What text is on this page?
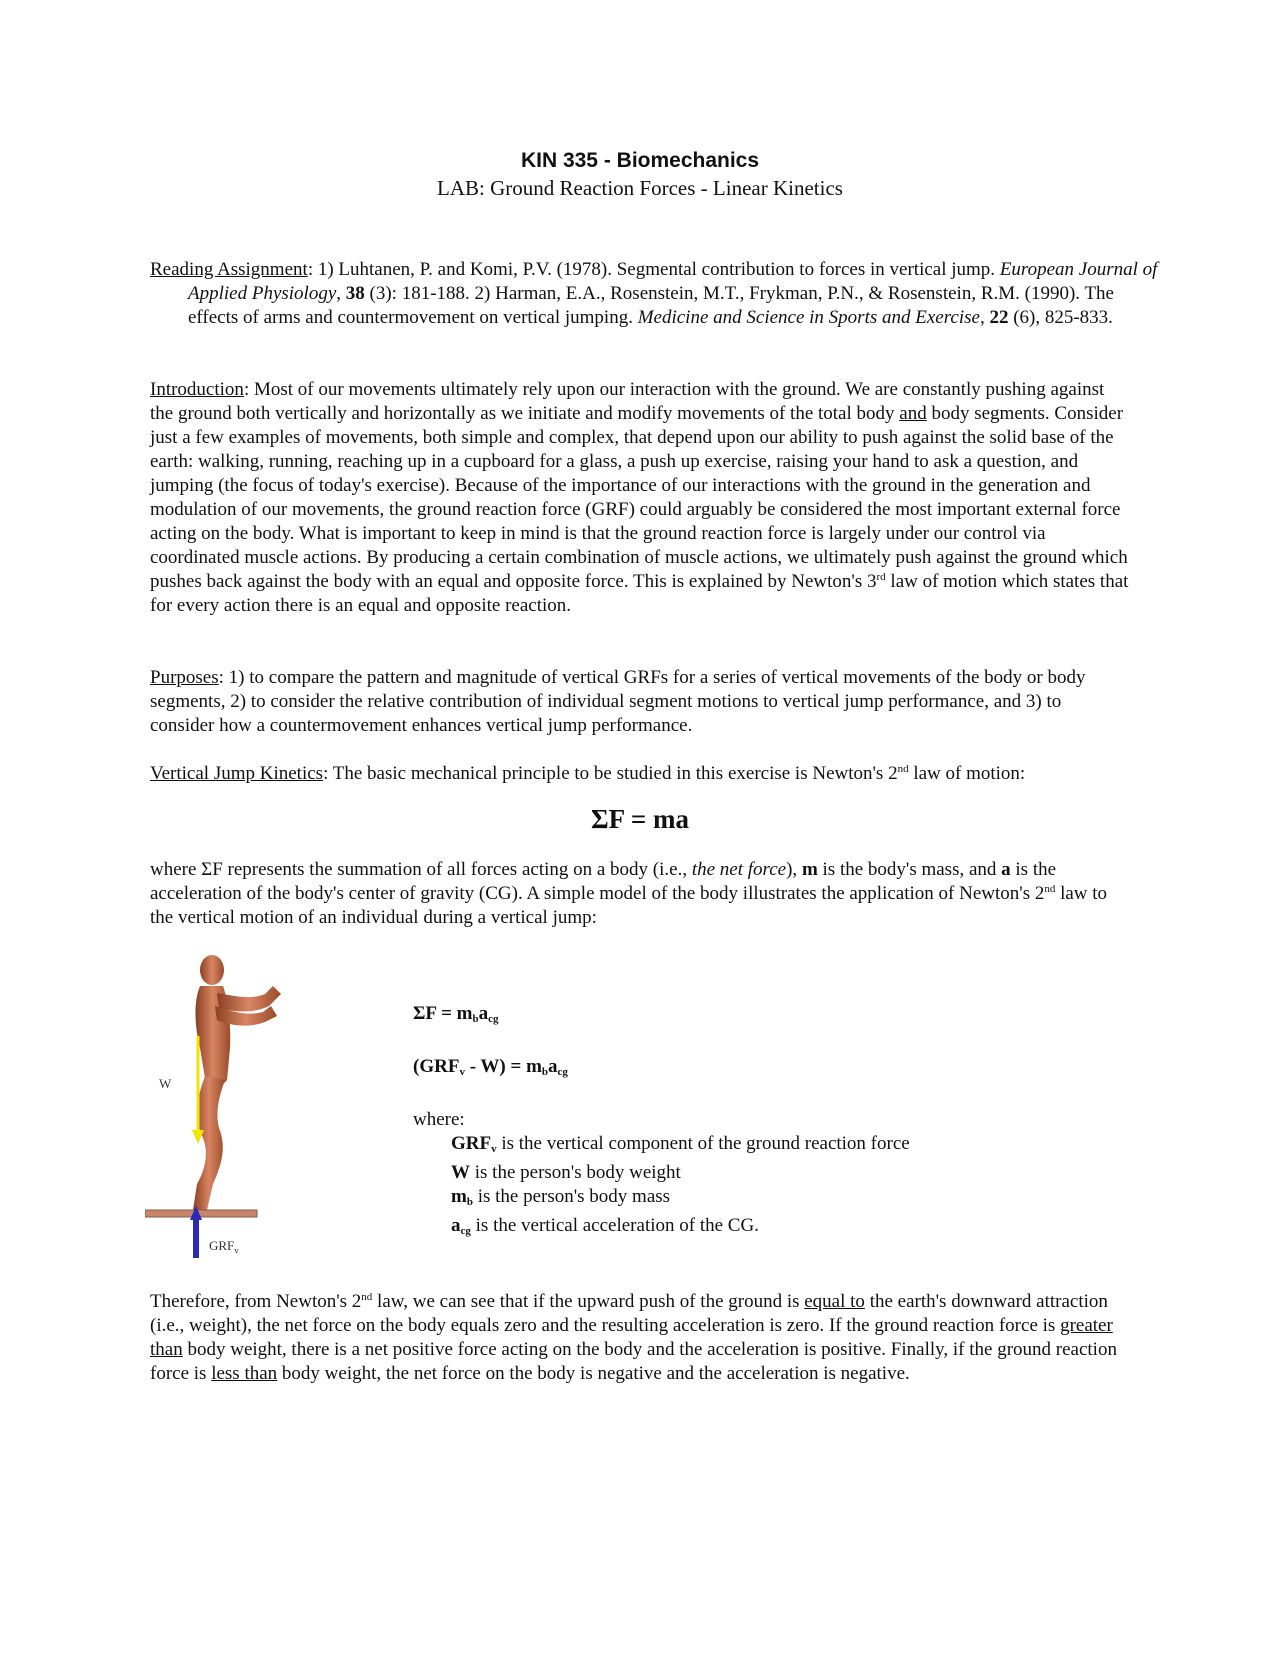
KIN 335 - Biomechanics
LAB: Ground Reaction Forces - Linear Kinetics
Reading Assignment: 1) Luhtanen, P. and Komi, P.V. (1978). Segmental contribution to forces in vertical jump. European Journal of Applied Physiology, 38 (3): 181-188. 2) Harman, E.A., Rosenstein, M.T., Frykman, P.N., & Rosenstein, R.M. (1990). The effects of arms and countermovement on vertical jumping. Medicine and Science in Sports and Exercise, 22 (6), 825-833.
Introduction: Most of our movements ultimately rely upon our interaction with the ground. We are constantly pushing against the ground both vertically and horizontally as we initiate and modify movements of the total body and body segments. Consider just a few examples of movements, both simple and complex, that depend upon our ability to push against the solid base of the earth: walking, running, reaching up in a cupboard for a glass, a push up exercise, raising your hand to ask a question, and jumping (the focus of today's exercise). Because of the importance of our interactions with the ground in the generation and modulation of our movements, the ground reaction force (GRF) could arguably be considered the most important external force acting on the body. What is important to keep in mind is that the ground reaction force is largely under our control via coordinated muscle actions. By producing a certain combination of muscle actions, we ultimately push against the ground which pushes back against the body with an equal and opposite force. This is explained by Newton's 3rd law of motion which states that for every action there is an equal and opposite reaction.
Purposes: 1) to compare the pattern and magnitude of vertical GRFs for a series of vertical movements of the body or body segments, 2) to consider the relative contribution of individual segment motions to vertical jump performance, and 3) to consider how a countermovement enhances vertical jump performance.
Vertical Jump Kinetics: The basic mechanical principle to be studied in this exercise is Newton's 2nd law of motion:
ΣF = ma
where ΣF represents the summation of all forces acting on a body (i.e., the net force), m is the body's mass, and a is the acceleration of the body's center of gravity (CG). A simple model of the body illustrates the application of Newton's 2nd law to the vertical motion of an individual during a vertical jump:
W
$GRF_v$
$\Sigma F = m_ba_{cg}$
$(GRF_v - W) = m_ba_{cg}$
where:
$GRF_v$ is the vertical component of the ground reaction force
W is the person's body weight
$m_b$ is the person's body mass
$a_{cg}$ is the vertical acceleration of the CG.
Therefore, from Newton's 2nd law, we can see that if the upward push of the ground is equal to the earth's downward attraction (i.e., weight), the net force on the body equals zero and the resulting acceleration is zero. If the ground reaction force is greater than body weight, there is a net positive force acting on the body and the acceleration is positive. Finally, if the ground reaction force is less than body weight, the net force on the body is negative and the acceleration is negative.
